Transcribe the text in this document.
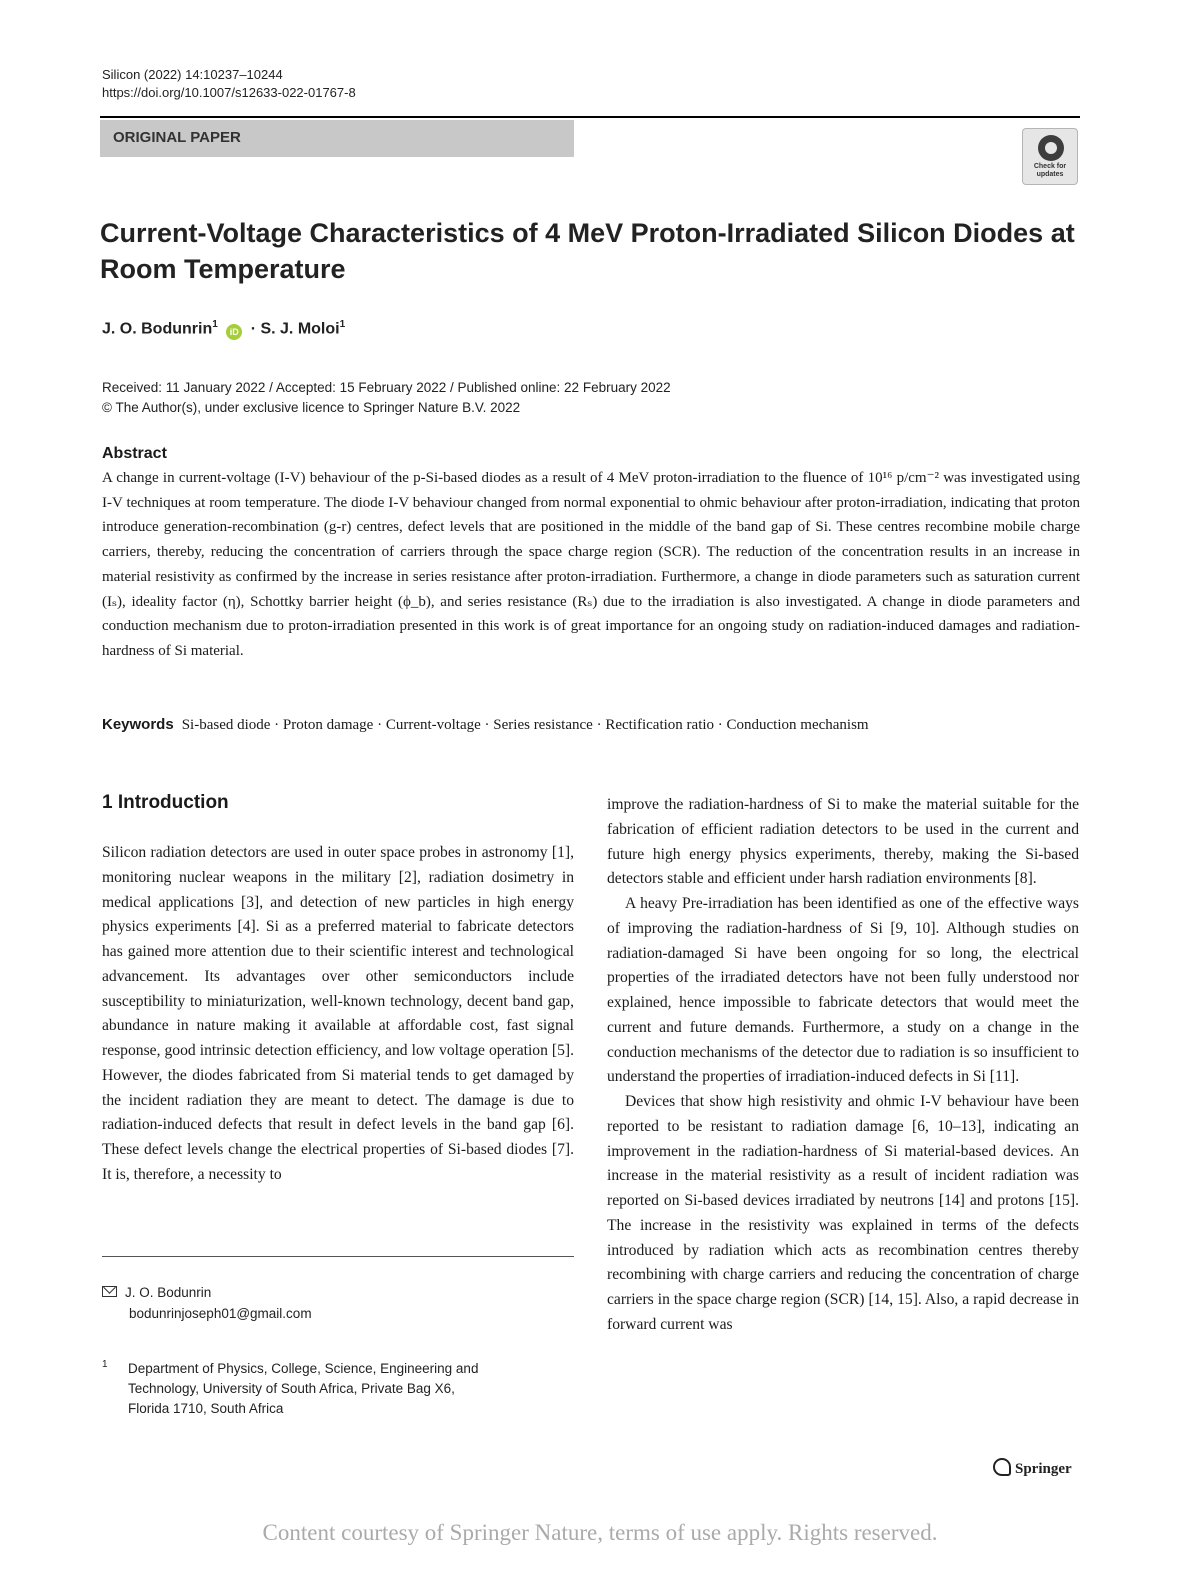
Silicon (2022) 14:10237–10244
https://doi.org/10.1007/s12633-022-01767-8
ORIGINAL PAPER
Check for updates
Current-Voltage Characteristics of 4 MeV Proton-Irradiated Silicon Diodes at Room Temperature
J. O. Bodunrin$^1$ iD · S. J. Moloi$^1$
Received: 11 January 2022 / Accepted: 15 February 2022 / Published online: 22 February 2022
© The Author(s), under exclusive licence to Springer Nature B.V. 2022
Abstract
A change in current-voltage (I-V) behaviour of the p-Si-based diodes as a result of 4 MeV proton-irradiation to the fluence of 10¹⁶ p/cm⁻² was investigated using I-V techniques at room temperature. The diode I-V behaviour changed from normal exponential to ohmic behaviour after proton-irradiation, indicating that proton introduce generation-recombination (g-r) centres, defect levels that are positioned in the middle of the band gap of Si. These centres recombine mobile charge carriers, thereby, reducing the concentration of carriers through the space charge region (SCR). The reduction of the concentration results in an increase in material resistivity as confirmed by the increase in series resistance after proton-irradiation. Furthermore, a change in diode parameters such as saturation current (Iₛ), ideality factor (η), Schottky barrier height (ϕ_b), and series resistance (Rₛ) due to the irradiation is also investigated. A change in diode parameters and conduction mechanism due to proton-irradiation presented in this work is of great importance for an ongoing study on radiation-induced damages and radiation-hardness of Si material.
Keywords Si-based diode · Proton damage · Current-voltage · Series resistance · Rectification ratio · Conduction mechanism
1 Introduction

Silicon radiation detectors are used in outer space probes in astronomy [1], monitoring nuclear weapons in the military [2], radiation dosimetry in medical applications [3], and detection of new particles in high energy physics experiments [4]. Si as a preferred material to fabricate detectors has gained more attention due to their scientific interest and technological advancement. Its advantages over other semiconductors include susceptibility to miniaturization, well-known technology, decent band gap, abundance in nature making it available at affordable cost, fast signal response, good intrinsic detection efficiency, and low voltage operation [5]. However, the diodes fabricated from Si material tends to get damaged by the incident radiation they are meant to detect. The damage is due to radiation-induced defects that result in defect levels in the band gap [6]. These defect levels change the electrical properties of Si-based diodes [7]. It is, therefore, a necessity to

improve the radiation-hardness of Si to make the material suitable for the fabrication of efficient radiation detectors to be used in the current and future high energy physics experiments, thereby, making the Si-based detectors stable and efficient under harsh radiation environments [8].

A heavy Pre-irradiation has been identified as one of the effective ways of improving the radiation-hardness of Si [9, 10]. Although studies on radiation-damaged Si have been ongoing for so long, the electrical properties of the irradiated detectors have not been fully understood nor explained, hence impossible to fabricate detectors that would meet the current and future demands. Furthermore, a study on a change in the conduction mechanisms of the detector due to radiation is so insufficient to understand the properties of irradiation-induced defects in Si [11].

Devices that show high resistivity and ohmic I-V behaviour have been reported to be resistant to radiation damage [6, 10–13], indicating an improvement in the radiation-hardness of Si material-based devices. An increase in the material resistivity as a result of incident radiation was reported on Si-based devices irradiated by neutrons [14] and protons [15]. The increase in the resistivity was explained in terms of the defects introduced by radiation which acts as recombination centres thereby recombining with charge carriers and reducing the concentration of charge carriers in the space charge region (SCR) [14, 15]. Also, a rapid decrease in forward current was

J. O. Bodunrin
bodunrinjoseph01@gmail.com
1 Department of Physics, College, Science, Engineering and
Technology, University of South Africa, Private Bag X6,
Florida 1710, South Africa
Springer
Content courtesy of Springer Nature, terms of use apply. Rights reserved.
